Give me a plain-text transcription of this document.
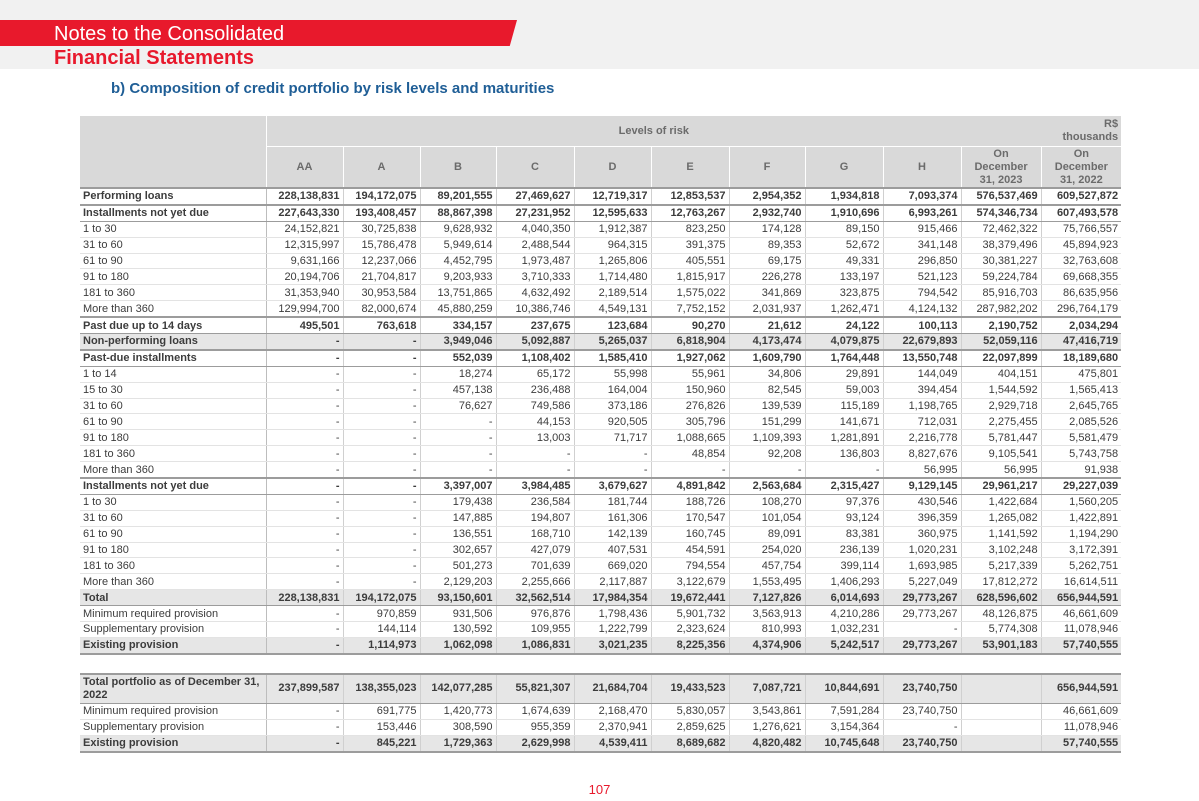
Notes to the Consolidated
Financial Statements
b) Composition of credit portfolio by risk levels and maturities
	Levels of risk										R$
thousands
	AA	A	B	C	D	E	F	G	H	On
December
31, 2023	On
December
31, 2022
Performing loans	228,138,831	194,172,075	89,201,555	27,469,627	12,719,317	12,853,537	2,954,352	1,934,818	7,093,374	576,537,469	609,527,872
Installments not yet due	227,643,330	193,408,457	88,867,398	27,231,952	12,595,633	12,763,267	2,932,740	1,910,696	6,993,261	574,346,734	607,493,578
1 to 30	24,152,821	30,725,838	9,628,932	4,040,350	1,912,387	823,250	174,128	89,150	915,466	72,462,322	75,766,557
31 to 60	12,315,997	15,786,478	5,949,614	2,488,544	964,315	391,375	89,353	52,672	341,148	38,379,496	45,894,923
61 to 90	9,631,166	12,237,066	4,452,795	1,973,487	1,265,806	405,551	69,175	49,331	296,850	30,381,227	32,763,608
91 to 180	20,194,706	21,704,817	9,203,933	3,710,333	1,714,480	1,815,917	226,278	133,197	521,123	59,224,784	69,668,355
181 to 360	31,353,940	30,953,584	13,751,865	4,632,492	2,189,514	1,575,022	341,869	323,875	794,542	85,916,703	86,635,956
More than 360	129,994,700	82,000,674	45,880,259	10,386,746	4,549,131	7,752,152	2,031,937	1,262,471	4,124,132	287,982,202	296,764,179
Past due up to 14 days	495,501	763,618	334,157	237,675	123,684	90,270	21,612	24,122	100,113	2,190,752	2,034,294
Non-performing loans	-	-	3,949,046	5,092,887	5,265,037	6,818,904	4,173,474	4,079,875	22,679,893	52,059,116	47,416,719
Past-due installments	-	-	552,039	1,108,402	1,585,410	1,927,062	1,609,790	1,764,448	13,550,748	22,097,899	18,189,680
1 to 14	-	-	18,274	65,172	55,998	55,961	34,806	29,891	144,049	404,151	475,801
15 to 30	-	-	457,138	236,488	164,004	150,960	82,545	59,003	394,454	1,544,592	1,565,413
31 to 60	-	-	76,627	749,586	373,186	276,826	139,539	115,189	1,198,765	2,929,718	2,645,765
61 to 90	-	-	-	44,153	920,505	305,796	151,299	141,671	712,031	2,275,455	2,085,526
91 to 180	-	-	-	13,003	71,717	1,088,665	1,109,393	1,281,891	2,216,778	5,781,447	5,581,479
181 to 360	-	-	-	-	-	48,854	92,208	136,803	8,827,676	9,105,541	5,743,758
More than 360	-	-	-	-	-	-	-	-	56,995	56,995	91,938
Installments not yet due	-	-	3,397,007	3,984,485	3,679,627	4,891,842	2,563,684	2,315,427	9,129,145	29,961,217	29,227,039
1 to 30	-	-	179,438	236,584	181,744	188,726	108,270	97,376	430,546	1,422,684	1,560,205
31 to 60	-	-	147,885	194,807	161,306	170,547	101,054	93,124	396,359	1,265,082	1,422,891
61 to 90	-	-	136,551	168,710	142,139	160,745	89,091	83,381	360,975	1,141,592	1,194,290
91 to 180	-	-	302,657	427,079	407,531	454,591	254,020	236,139	1,020,231	3,102,248	3,172,391
181 to 360	-	-	501,273	701,639	669,020	794,554	457,754	399,114	1,693,985	5,217,339	5,262,751
More than 360	-	-	2,129,203	2,255,666	2,117,887	3,122,679	1,553,495	1,406,293	5,227,049	17,812,272	16,614,511
Total	228,138,831	194,172,075	93,150,601	32,562,514	17,984,354	19,672,441	7,127,826	6,014,693	29,773,267	628,596,602	656,944,591
Minimum required provision	-	970,859	931,506	976,876	1,798,436	5,901,732	3,563,913	4,210,286	29,773,267	48,126,875	46,661,609
Supplementary provision	-	144,114	130,592	109,955	1,222,799	2,323,624	810,993	1,032,231	-	5,774,308	11,078,946
Existing provision	-	1,114,973	1,062,098	1,086,831	3,021,235	8,225,356	4,374,906	5,242,517	29,773,267	53,901,183	57,740,555

Total portfolio as of December 31, 2022	237,899,587	138,355,023	142,077,285	55,821,307	21,684,704	19,433,523	7,087,721	10,844,691	23,740,750		656,944,591
Minimum required provision	-	691,775	1,420,773	1,674,639	2,168,470	5,830,057	3,543,861	7,591,284	23,740,750		46,661,609
Supplementary provision	-	153,446	308,590	955,359	2,370,941	2,859,625	1,276,621	3,154,364	-		11,078,946
Existing provision	-	845,221	1,729,363	2,629,998	4,539,411	8,689,682	4,820,482	10,745,648	23,740,750		57,740,555
107
